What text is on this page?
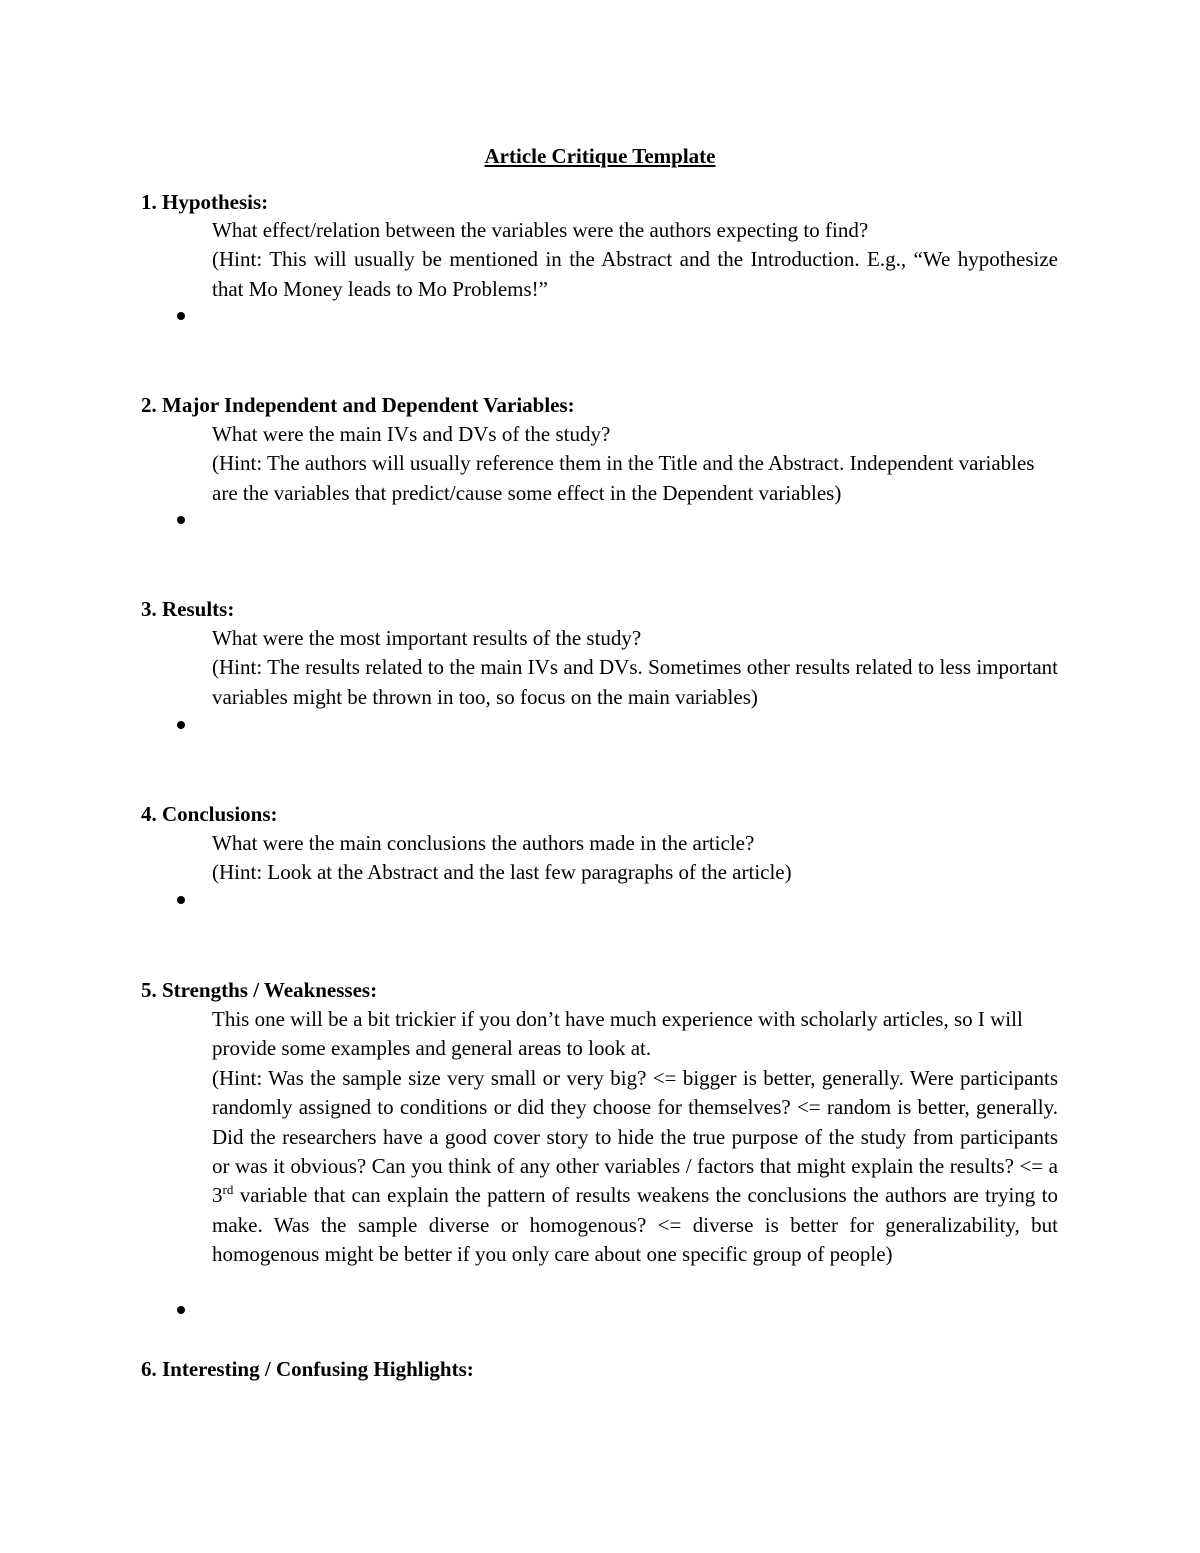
Article Critique Template
1. Hypothesis:

What effect/relation between the variables were the authors expecting to find?

(Hint: This will usually be mentioned in the Abstract and the Introduction. E.g., “We hypothesize that Mo Money leads to Mo Problems!”

2. Major Independent and Dependent Variables:

What were the main IVs and DVs of the study?

(Hint: The authors will usually reference them in the Title and the Abstract. Independent variables are the variables that predict/cause some effect in the Dependent variables)

3. Results:

What were the most important results of the study?

(Hint: The results related to the main IVs and DVs. Sometimes other results related to less important variables might be thrown in too, so focus on the main variables)

4. Conclusions:

What were the main conclusions the authors made in the article?

(Hint: Look at the Abstract and the last few paragraphs of the article)

5. Strengths / Weaknesses:

This one will be a bit trickier if you don’t have much experience with scholarly articles, so I will provide some examples and general areas to look at.

(Hint: Was the sample size very small or very big? <= bigger is better, generally. Were participants randomly assigned to conditions or did they choose for themselves? <= random is better, generally. Did the researchers have a good cover story to hide the true purpose of the study from participants or was it obvious? Can you think of any other variables / factors that might explain the results? <= a 3rd variable that can explain the pattern of results weakens the conclusions the authors are trying to make. Was the sample diverse or homogenous? <= diverse is better for generalizability, but homogenous might be better if you only care about one specific group of people)

6. Interesting / Confusing Highlights:
